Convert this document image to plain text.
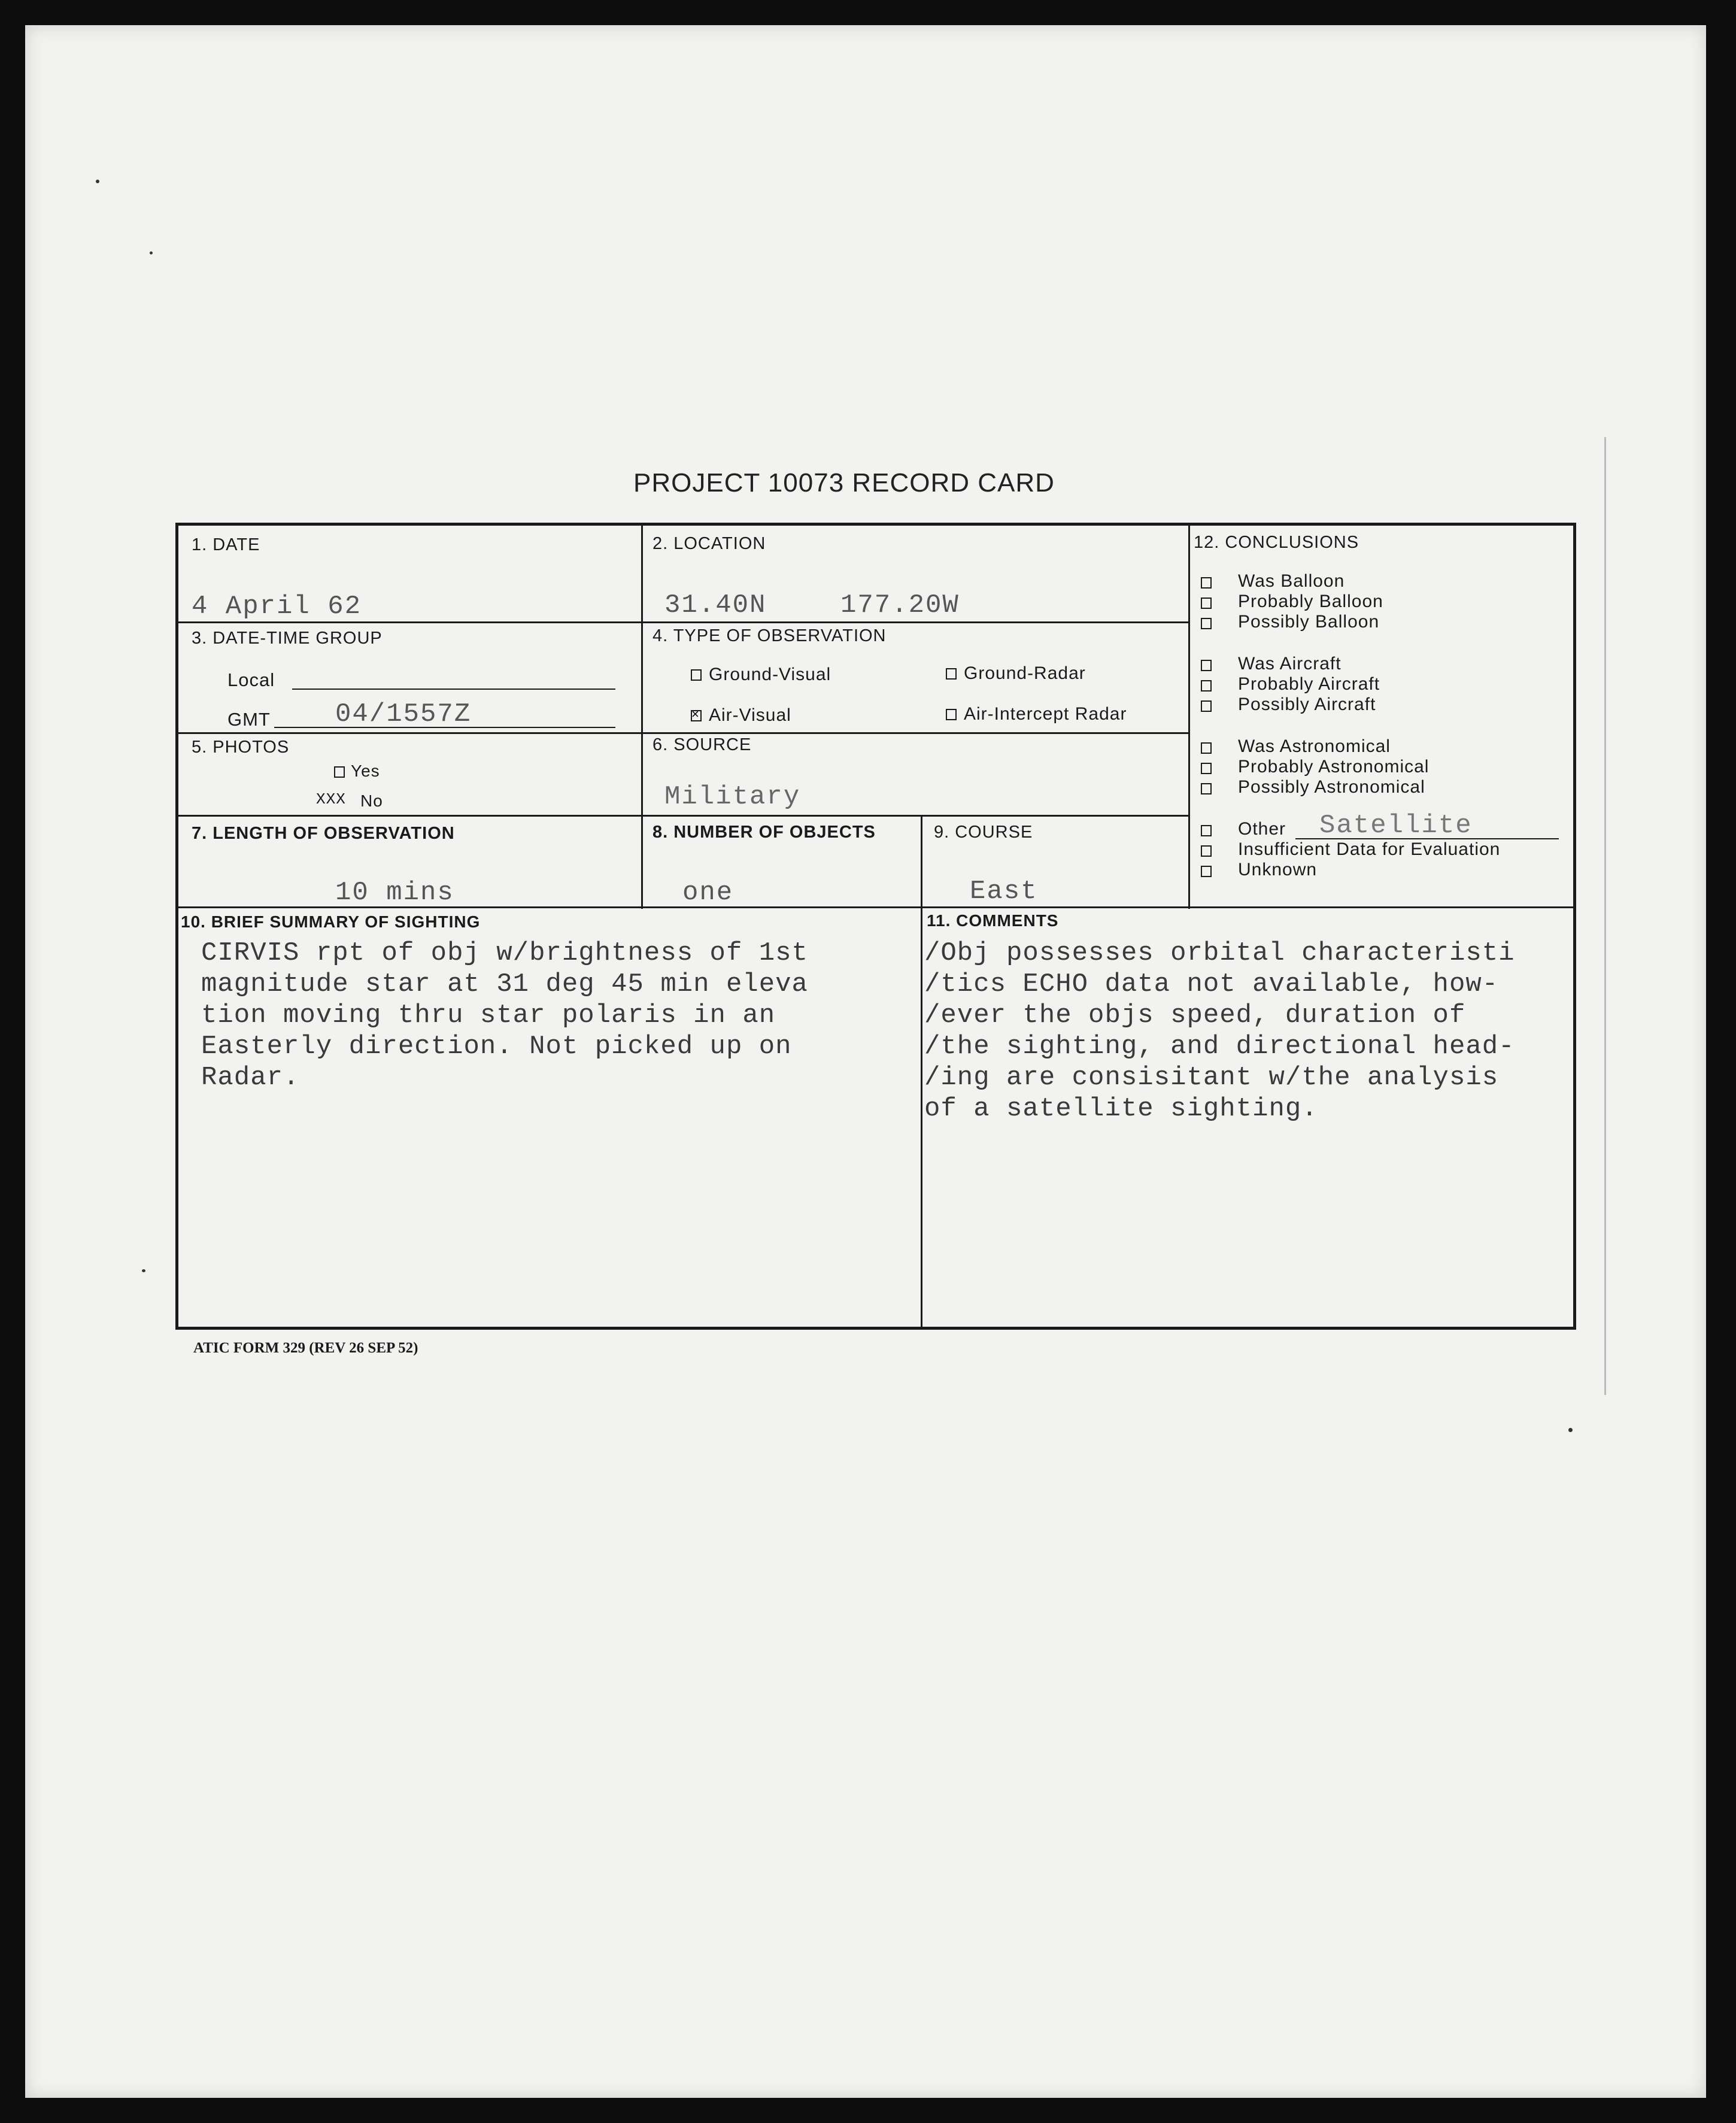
PROJECT 10073 RECORD CARD
1. DATE
4 April 62
2. LOCATION
31.40N	177.20W
3. DATE-TIME GROUP
Local
GMT 04/1557Z
4. TYPE OF OBSERVATION
Ground-Visual	Ground-Radar
×
Air-Visual	Air-Intercept Radar
5. PHOTOS
Yes
XXX No
6. SOURCE
Military
7. LENGTH OF OBSERVATION
10 mins
8. NUMBER OF OBJECTS
one
9. COURSE
East
10. BRIEF SUMMARY OF SIGHTING
CIRVIS rpt of obj w/brightness of 1st
magnitude star at 31 deg 45 min eleva
tion moving thru star polaris in an
Easterly direction. Not picked up on
Radar.
11. COMMENTS
/Obj possesses orbital characteristi
/tics ECHO data not available, how-
/ever the objs speed, duration of
/the sighting, and directional head-
/ing are consisitant w/the analysis
of a satellite sighting.
12. CONCLUSIONS
Was Balloon
Probably Balloon
Possibly Balloon
Was Aircraft
Probably Aircraft
Possibly Aircraft
Was Astronomical
Probably Astronomical
Possibly Astronomical
Other Satellite
Insufficient Data for Evaluation
Unknown
ATIC FORM 329 (REV 26 SEP 52)
